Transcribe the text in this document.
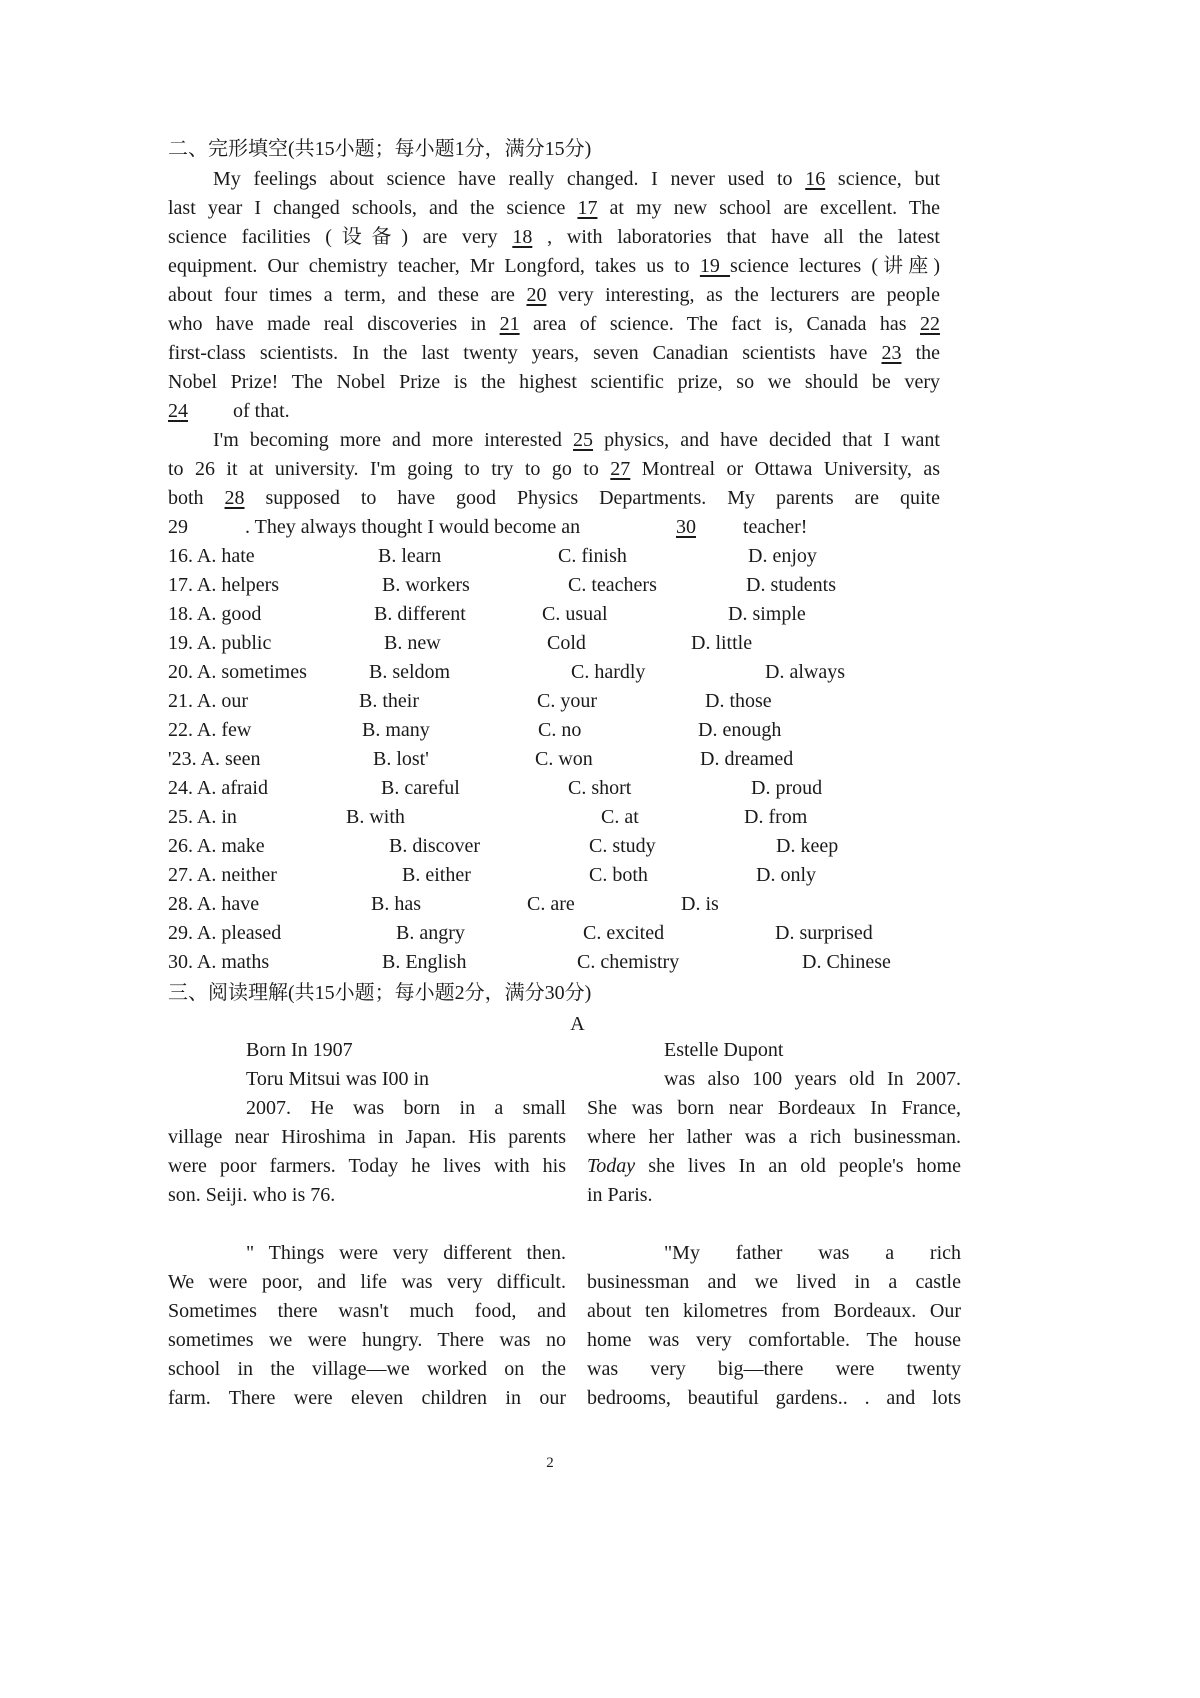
二、完形填空(共15小题；每小题1分，满分15分)
My feelings about science have really changed. I never used to 16 science, but
last year I changed schools, and the science 17 at my new school are excellent. The
science facilities (设备) are very 18 , with laboratories that have all the latest
equipment. Our chemistry teacher, Mr Longford, takes us to 19 science lectures (讲座)
about four times a term, and these are 20 very interesting, as the lecturers are people
who have made real discoveries in 21 area of science. The fact is, Canada has 22
first-class scientists. In the last twenty years, seven Canadian scientists have 23 the
Nobel Prize! The Nobel Prize is the highest scientific prize, so we should be very
24 of that.
I'm becoming more and more interested 25 physics, and have decided that I want
to 26 it at university. I'm going to try to go to 27 Montreal or Ottawa University, as
both 28 supposed to have good Physics Departments. My parents are quite
29	. They always thought I would become an	30 teacher!
16. A. hate	B. learn	C. finish	D. enjoy
17. A. helpers	B. workers	C. teachers	D. students
18. A. good	B. different	C. usual	D. simple
19. A. public	B. new	Cold	D. little
20. A. sometimes	B. seldom	C. hardly	D. always
21. A. our	B. their	C. your	D. those
22. A. few	B. many	C. no	D. enough
'23. A. seen	B. lost'	C. won	D. dreamed
24. A. afraid	B. careful	C. short	D. proud
25. A. in	B. with	C. at	D. from
26. A. make	B. discover	C. study	D. keep
27. A. neither	B. either	C. both	D. only
28. A. have	B. has	C. are	D. is
29. A. pleased	B. angry	C. excited	D. surprised
30. A. maths	B. English	C. chemistry	D. Chinese
三、阅读理解(共15小题；每小题2分，满分30分)
A
Born In 1907
Toru Mitsui was I00 in
2007. He was born in a small
village near Hiroshima in Japan. His parents
were poor farmers. Today he lives with his
son. Seiji. who is 76.
" Things were very different then.
We were poor, and life was very difficult.
Sometimes there wasn't much food, and
sometimes we were hungry. There was no
school in the village—we worked on the
farm. There were eleven children in our
Estelle Dupont
was also 100 years old In 2007.
She was born near Bordeaux In France,
where her lather was a rich businessman.
Today she lives In an old people's home
in Paris.
"My father was a rich
businessman and we lived in a castle
about ten kilometres from Bordeaux. Our
home was very comfortable. The house
was very big—there were twenty
bedrooms, beautiful gardens.. . and lots
2
